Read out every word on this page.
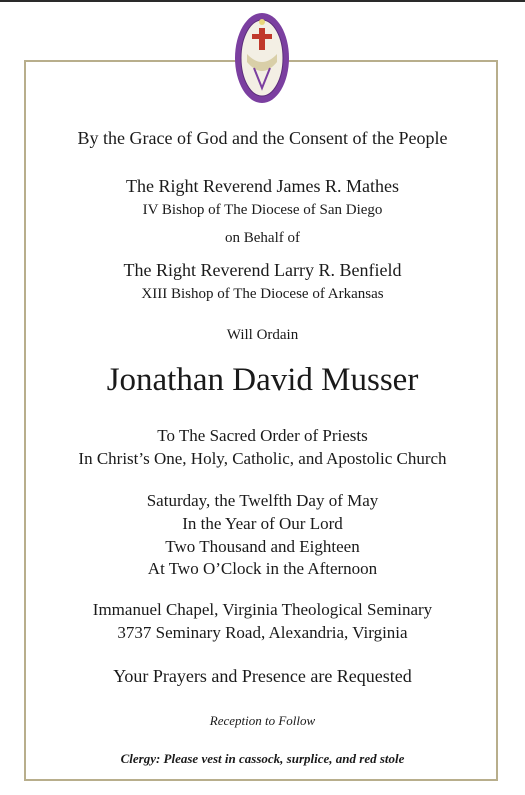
By the Grace of God and the Consent of the People
The Right Reverend James R. Mathes
IV Bishop of The Diocese of San Diego
on Behalf of
The Right Reverend Larry R. Benfield
XIII Bishop of The Diocese of Arkansas
Will Ordain
Jonathan David Musser
To The Sacred Order of Priests
In Christ’s One, Holy, Catholic, and Apostolic Church
Saturday, the Twelfth Day of May
In the Year of Our Lord
Two Thousand and Eighteen
At Two O’Clock in the Afternoon
Immanuel Chapel, Virginia Theological Seminary
3737 Seminary Road, Alexandria, Virginia
Your Prayers and Presence are Requested
Reception to Follow
Clergy: Please vest in cassock, surplice, and red stole
